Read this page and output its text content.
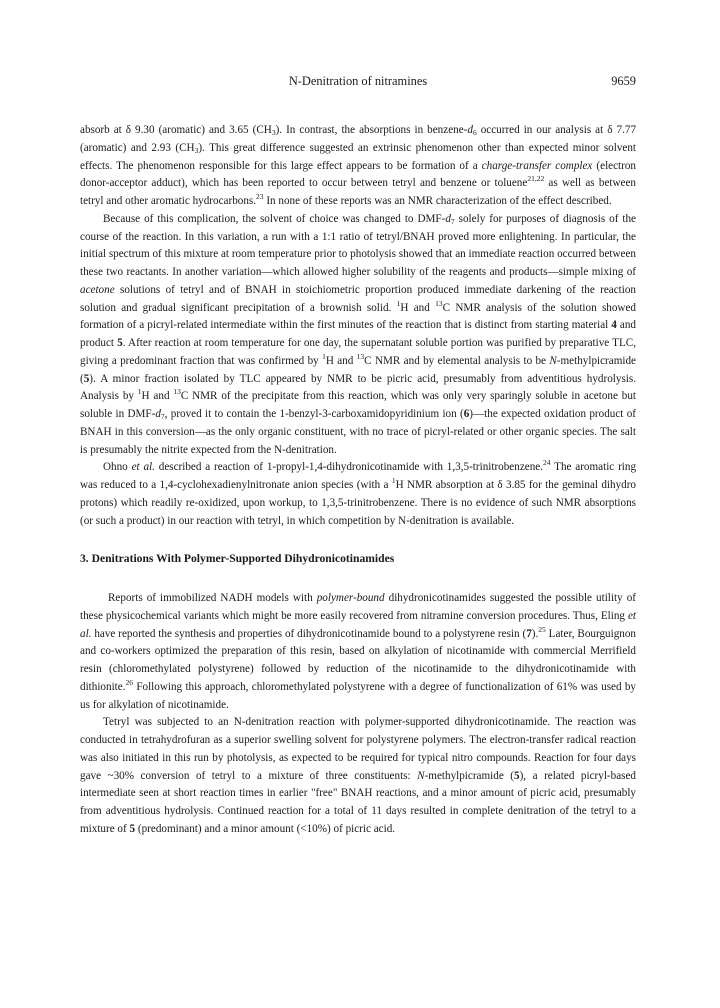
N-Denitration of nitramines	9659

absorb at δ 9.30 (aromatic) and 3.65 $(CH_3)$. In contrast, the absorptions in benzene-$d_6$ occurred in our analysis at δ 7.77 (aromatic) and 2.93 $(CH_3)$. This great difference suggested an extrinsic phenomenon other than expected minor solvent effects. The phenomenon responsible for this large effect appears to be formation of a charge-transfer complex (electron donor-acceptor adduct), which has been reported to occur between tetryl and benzene or toluene$^{21,22}$ as well as between tetryl and other aromatic hydrocarbons.$^{23}$ In none of these reports was an NMR characterization of the effect described.

Because of this complication, the solvent of choice was changed to DMF-$d_7$ solely for purposes of diagnosis of the course of the reaction. In this variation, a run with a 1:1 ratio of tetryl/BNAH proved more enlightening. In particular, the initial spectrum of this mixture at room temperature prior to photolysis showed that an immediate reaction occurred between these two reactants. In another variation—which allowed higher solubility of the reagents and products—simple mixing of acetone solutions of tetryl and of BNAH in stoichiometric proportion produced immediate darkening of the reaction solution and gradual significant precipitation of a brownish solid. $^1$H and $^{13}$C NMR analysis of the solution showed formation of a picryl-related intermediate within the first minutes of the reaction that is distinct from starting material 4 and product 5. After reaction at room temperature for one day, the supernatant soluble portion was purified by preparative TLC, giving a predominant fraction that was confirmed by $^1$H and $^{13}$C NMR and by elemental analysis to be N-methylpicramide (5). A minor fraction isolated by TLC appeared by NMR to be picric acid, presumably from adventitious hydrolysis. Analysis by $^1$H and $^{13}$C NMR of the precipitate from this reaction, which was only very sparingly soluble in acetone but soluble in DMF-$d_7$, proved it to contain the 1-benzyl-3-carboxamidopyridinium ion (6)—the expected oxidation product of BNAH in this conversion—as the only organic constituent, with no trace of picryl-related or other organic species. The salt is presumably the nitrite expected from the N-denitration.

Ohno et al. described a reaction of 1-propyl-1,4-dihydronicotinamide with 1,3,5-trinitrobenzene.$^{24}$ The aromatic ring was reduced to a 1,4-cyclohexadienylnitronate anion species (with a $^1$H NMR absorption at δ 3.85 for the geminal dihydro protons) which readily re-oxidized, upon workup, to 1,3,5-trinitrobenzene. There is no evidence of such NMR absorptions (or such a product) in our reaction with tetryl, in which competition by N-denitration is available.

3. Denitrations With Polymer-Supported Dihydronicotinamides

Reports of immobilized NADH models with polymer-bound dihydronicotinamides suggested the possible utility of these physicochemical variants which might be more easily recovered from nitramine conversion procedures. Thus, Eling et al. have reported the synthesis and properties of dihydronicotinamide bound to a polystyrene resin (7).$^{25}$ Later, Bourguignon and co-workers optimized the preparation of this resin, based on alkylation of nicotinamide with commercial Merrifield resin (chloromethylated polystyrene) followed by reduction of the nicotinamide to the dihydronicotinamide with dithionite.$^{26}$ Following this approach, chloromethylated polystyrene with a degree of functionalization of 61% was used by us for alkylation of nicotinamide.

Tetryl was subjected to an N-denitration reaction with polymer-supported dihydronicotinamide. The reaction was conducted in tetrahydrofuran as a superior swelling solvent for polystyrene polymers. The electron-transfer radical reaction was also initiated in this run by photolysis, as expected to be required for typical nitro compounds. Reaction for four days gave ~30% conversion of tetryl to a mixture of three constituents: N-methylpicramide (5), a related picryl-based intermediate seen at short reaction times in earlier "free" BNAH reactions, and a minor amount of picric acid, presumably from adventitious hydrolysis. Continued reaction for a total of 11 days resulted in complete denitration of the tetryl to a mixture of 5 (predominant) and a minor amount (<10%) of picric acid.
